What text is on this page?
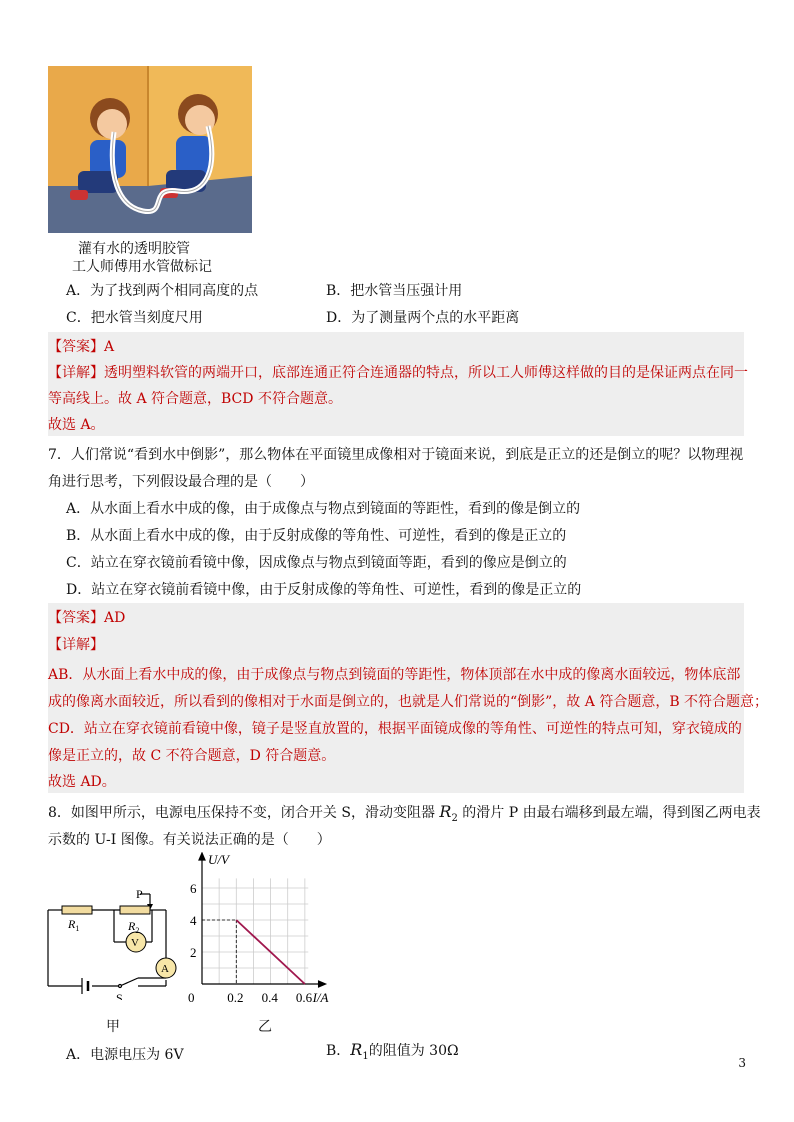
灌有水的透明胶管
工人师傅用水管做标记
A．为了找到两个相同高度的点	B．把水管当压强计用
C．把水管当刻度尺用	D．为了测量两个点的水平距离
【答案】A
【详解】透明塑料软管的两端开口，底部连通正符合连通器的特点，所以工人师傅这样做的目的是保证两点在同一
等高线上。故 A 符合题意，BCD 不符合题意。
故选 A。
7．人们常说“看到水中倒影”，那么物体在平面镜里成像相对于镜面来说，到底是正立的还是倒立的呢？以物理视
角进行思考，下列假设最合理的是（　　）
A．从水面上看水中成的像，由于成像点与物点到镜面的等距性，看到的像是倒立的
B．从水面上看水中成的像，由于反射成像的等角性、可逆性，看到的像是正立的
C．站立在穿衣镜前看镜中像，因成像点与物点到镜面等距，看到的像应是倒立的
D．站立在穿衣镜前看镜中像，由于反射成像的等角性、可逆性，看到的像是正立的
【答案】AD
【详解】
AB．从水面上看水中成的像，由于成像点与物点到镜面的等距性，物体顶部在水中成的像离水面较远，物体底部
成的像离水面较近，所以看到的像相对于水面是倒立的，也就是人们常说的“倒影”，故 A 符合题意，B 不符合题意；
CD．站立在穿衣镜前看镜中像，镜子是竖直放置的，根据平面镜成像的等角性、可逆性的特点可知，穿衣镜成的
像是正立的，故 C 不符合题意，D 符合题意。
故选 AD。
8．如图甲所示，电源电压保持不变，闭合开关 S，滑动变阻器 $R_2$ 的滑片 P 由最右端移到最左端，得到图乙两电表
示数的 U-I 图像。有关说法正确的是（　　）
P
V
A
$R_1$	$R_2$
S
甲
2
4
6
0.2 0.4 0.6
0
U/V
I/A
乙
A．电源电压为 6V	B．$R_1$的阻值为 30Ω
3
